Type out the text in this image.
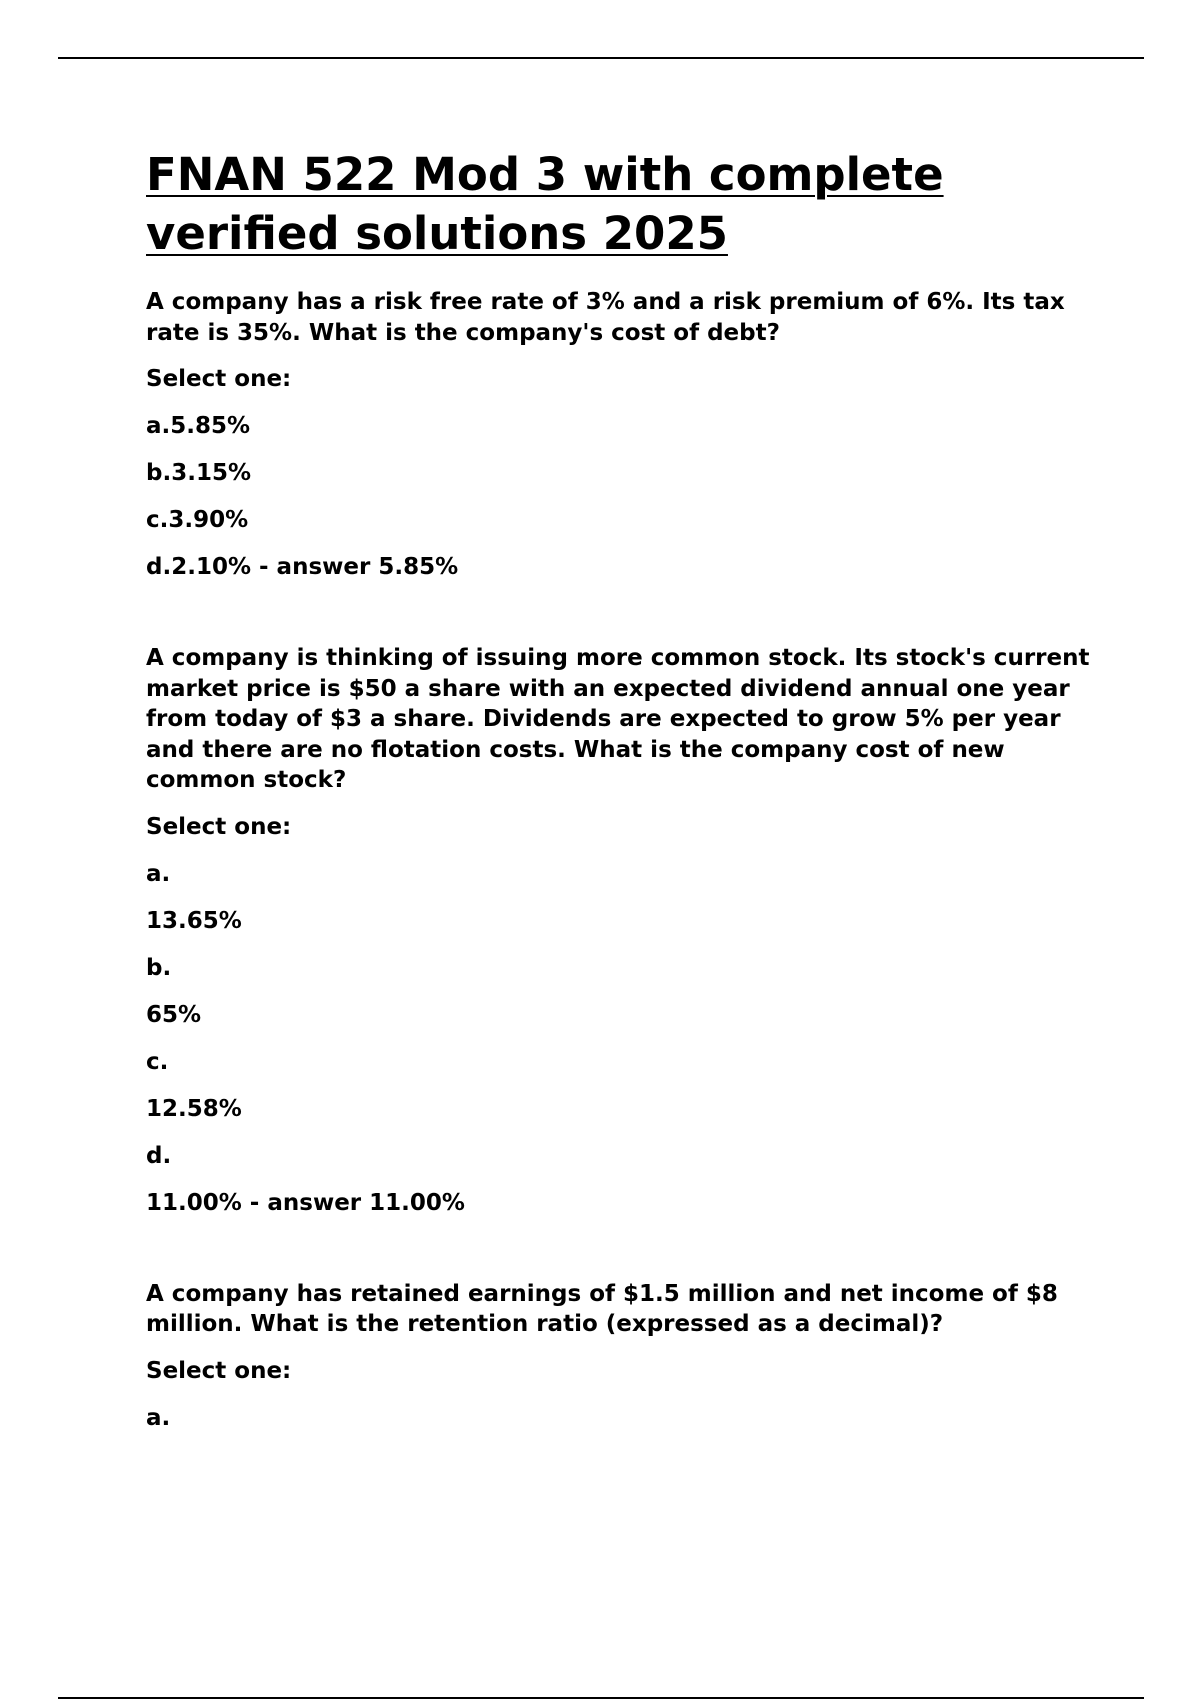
FNAN 522 Mod 3 with complete
verified solutions 2025

A company has a risk free rate of 3% and a risk premium of 6%. Its tax rate is 35%. What is the company's cost of debt?

Select one:

a.5.85%

b.3.15%

c.3.90%

d.2.10% - answer 5.85%

A company is thinking of issuing more common stock. Its stock's current market price is $50 a share with an expected dividend annual one year from today of $3 a share. Dividends are expected to grow 5% per year and there are no flotation costs. What is the company cost of new common stock?

Select one:

a.

13.65%

b.

65%

c.

12.58%

d.

11.00% - answer 11.00%

A company has retained earnings of $1.5 million and net income of $8 million. What is the retention ratio (expressed as a decimal)?

Select one:

a.
